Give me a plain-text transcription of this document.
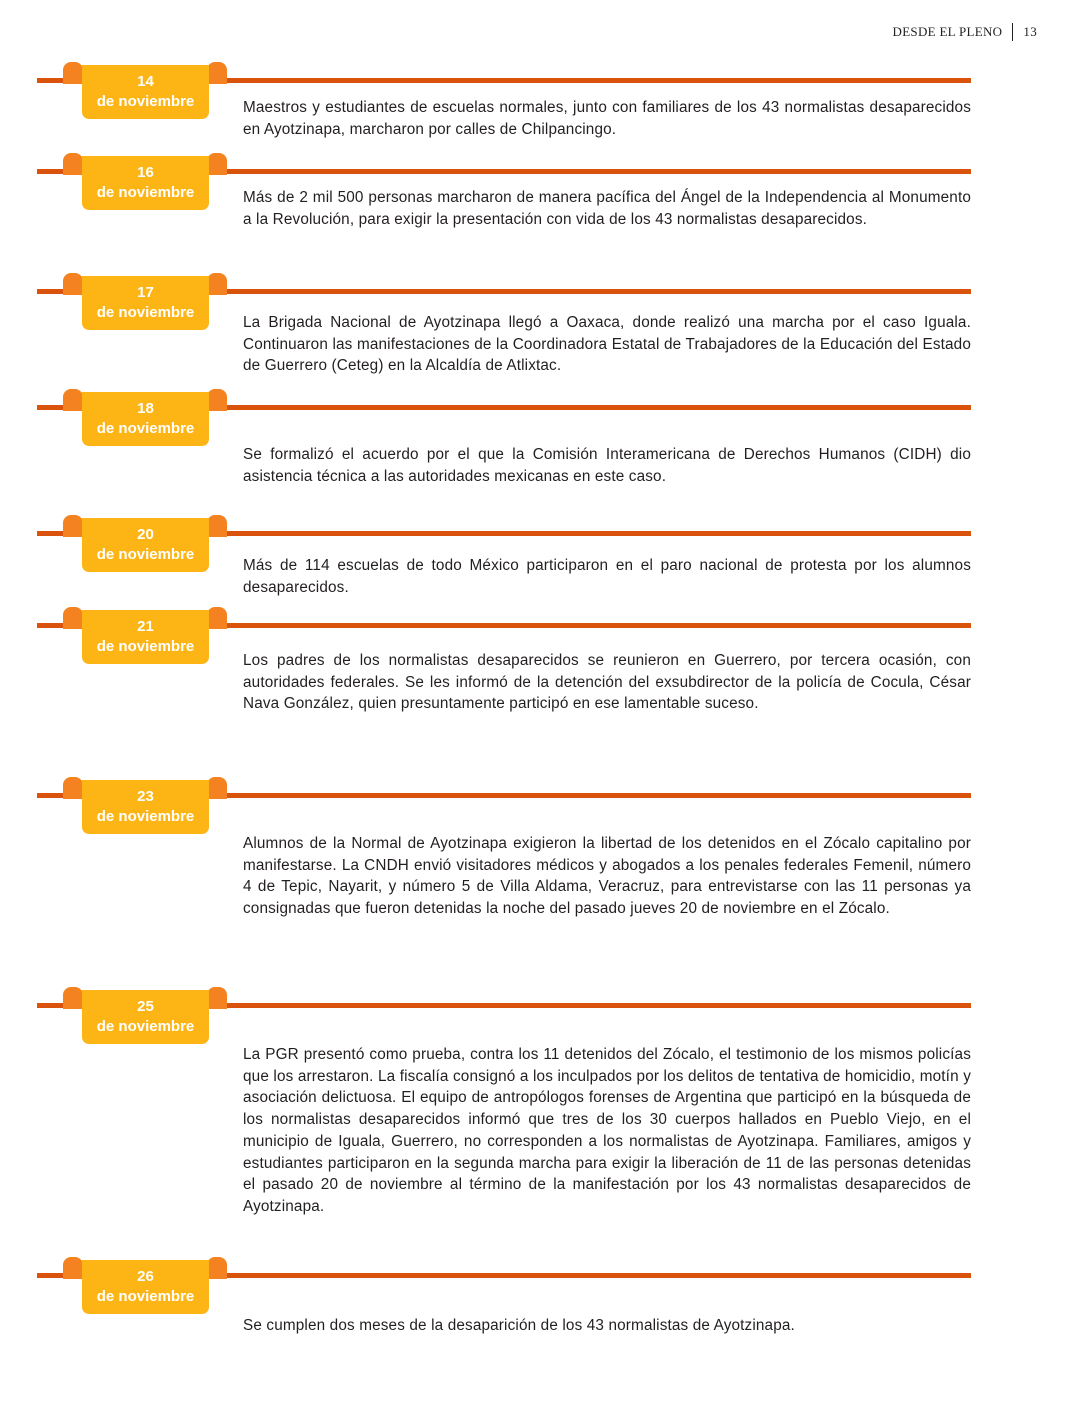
DESDE EL PLENO 13
14
de noviembre	Maestros y estudiantes de escuelas normales, junto con familiares de los 43 normalistas desaparecidos en Ayotzinapa, marcharon por calles de Chilpancingo.
16
de noviembre	Más de 2 mil 500 personas marcharon de manera pacífica del Ángel de la Independencia al Monumento a la Revolución, para exigir la presentación con vida de los 43 normalistas desaparecidos.
17
de noviembre
La Brigada Nacional de Ayotzinapa llegó a Oaxaca, donde realizó una marcha por el caso Iguala. Continuaron las manifestaciones de la Coordinadora Estatal de Trabajadores de la Educación del Estado de Guerrero (Ceteg) en la Alcaldía de Atlixtac.
18
de noviembre
Se formalizó el acuerdo por el que la Comisión Interamericana de Derechos Humanos (CIDH) dio asistencia técnica a las autoridades mexicanas en este caso.
20
de noviembre
Más de 114 escuelas de todo México participaron en el paro nacional de protesta por los alumnos desaparecidos.
21
de noviembre
Los padres de los normalistas desaparecidos se reunieron en Guerrero, por tercera ocasión, con autoridades federales. Se les informó de la detención del exsubdirector de la policía de Cocula, César Nava González, quien presuntamente participó en ese lamentable suceso.
23
de noviembre
Alumnos de la Normal de Ayotzinapa exigieron la libertad de los detenidos en el Zócalo capitalino por manifestarse. La CNDH envió visitadores médicos y abogados a los penales federales Femenil, número 4 de Tepic, Nayarit, y número 5 de Villa Aldama, Veracruz, para entrevistarse con las 11 personas ya consignadas que fueron detenidas la noche del pasado jueves 20 de noviembre en el Zócalo.
25
de noviembre
La PGR presentó como prueba, contra los 11 detenidos del Zócalo, el testimonio de los mismos policías que los arrestaron. La fiscalía consignó a los inculpados por los delitos de tentativa de homicidio, motín y asociación delictuosa. El equipo de antropólogos forenses de Argentina que participó en la búsqueda de los normalistas desaparecidos informó que tres de los 30 cuerpos hallados en Pueblo Viejo, en el municipio de Iguala, Guerrero, no corresponden a los normalistas de Ayotzinapa. Familiares, amigos y estudiantes participaron en la segunda marcha para exigir la liberación de 11 de las personas detenidas el pasado 20 de noviembre al término de la manifestación por los 43 normalistas desaparecidos de Ayotzinapa.
26
de noviembre
Se cumplen dos meses de la desaparición de los 43 normalistas de Ayotzinapa.
